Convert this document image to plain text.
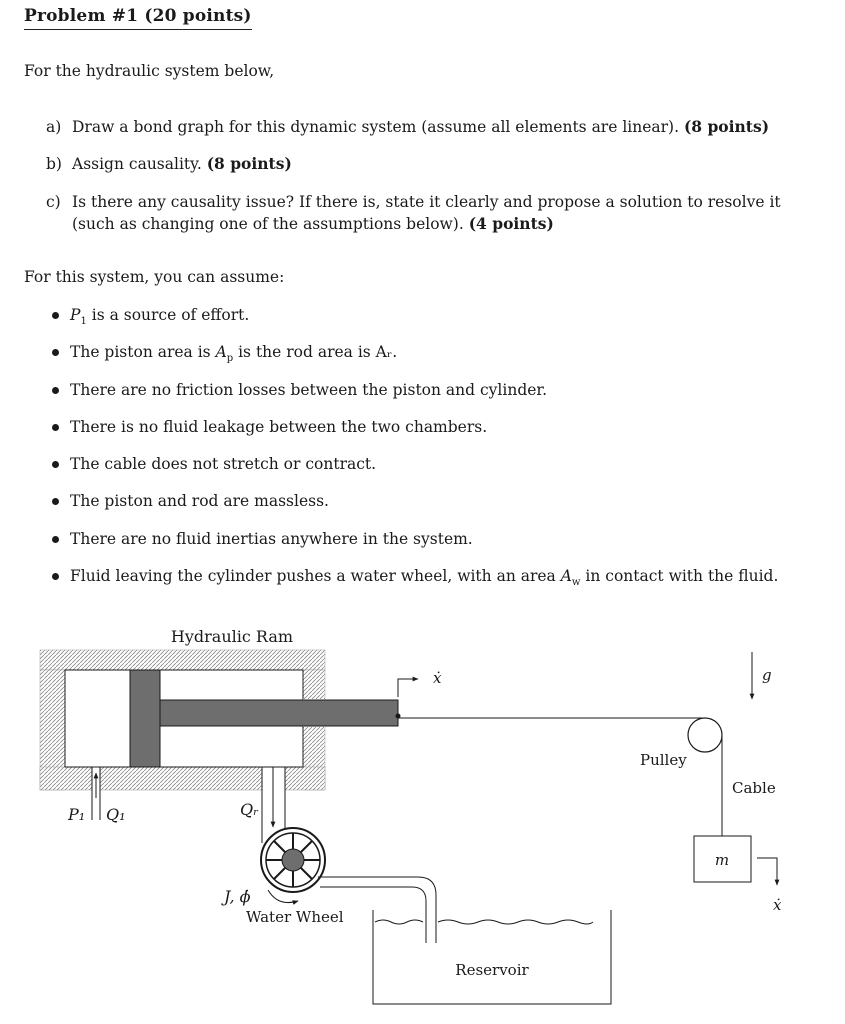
Problem #1 (20 points)
For the hydraulic system below,
a) Draw a bond graph for this dynamic system (assume all elements are linear). (8 points)
b) Assign causality. (8 points)
c) Is there any causality issue? If there is, state it clearly and propose a solution to resolve it
(such as changing one of the assumptions below). (4 points)
For this system, you can assume:
$P_1$ is a source of effort.
The piston area is $A_p$ is the rod area is Aᵣ.
There are no friction losses between the piston and cylinder.
There is no fluid leakage between the two chambers.
The cable does not stretch or contract.
The piston and rod are massless.
There are no fluid inertias anywhere in the system.
Fluid leaving the cylinder pushes a water wheel, with an area $A_w$ in contact with the fluid.
Hydraulic Ram
P₁ Q₁	Qᵣ
J, ϕ̇
Water Wheel
Reservoir
ẋ
Pulley
Cable
m
ẋ
g
